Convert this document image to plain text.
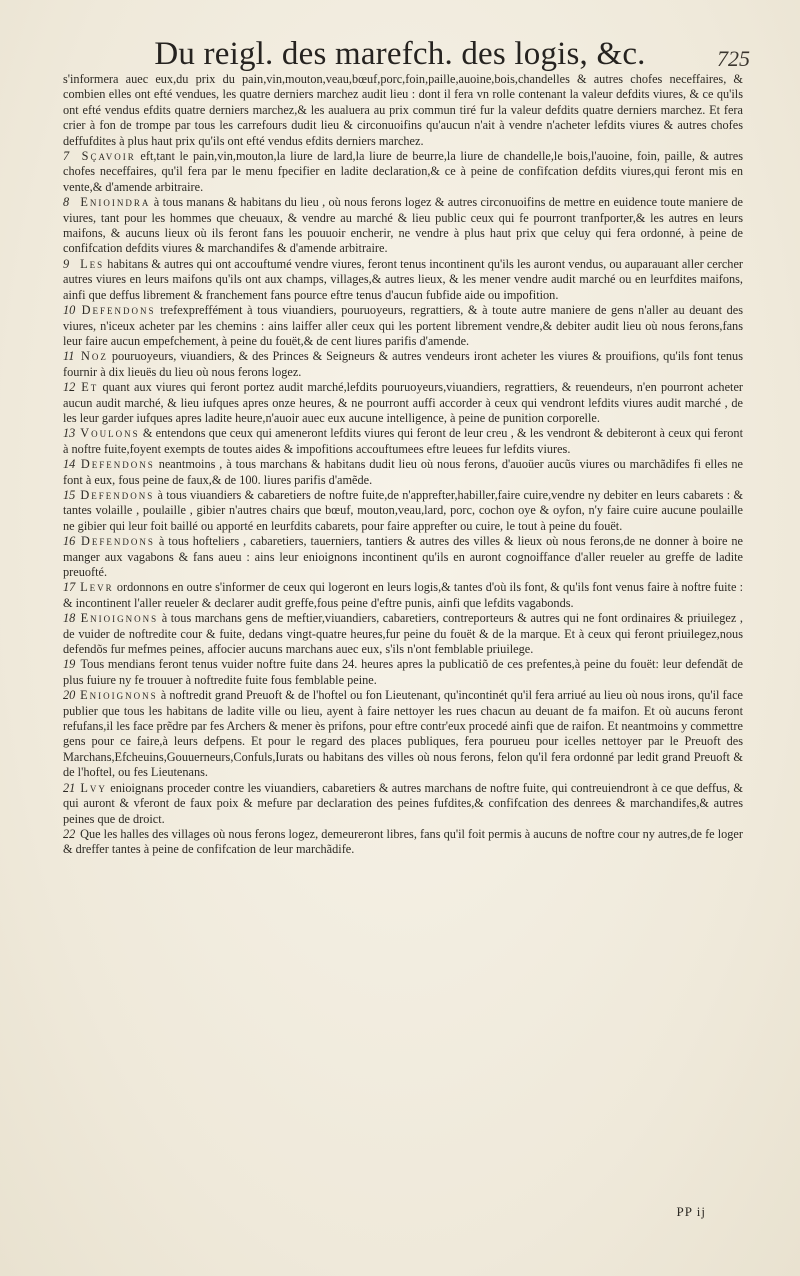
Du reigl. des marefch. des logis, &c.	725

s'informera auec eux,du prix du pain,vin,mouton,veau,bœuf,porc,foin,paille,auoine,bois,chandelles & autres chofes neceffaires, & combien elles ont efté vendues, les quatre derniers marchez audit lieu : dont il fera vn rolle contenant la valeur defdits viures, & ce qu'ils ont efté vendus efdits quatre derniers marchez,& les aualuera au prix commun tiré fur la valeur defdits quatre derniers marchez. Et fera crier à fon de trompe par tous les carrefours dudit lieu & circonuoifins qu'aucun n'ait à vendre n'acheter lefdits viures & autres chofes deffufdites à plus haut prix qu'ils ont efté vendus efdits derniers marchez.

7 Sçavoir eft,tant le pain,vin,mouton,la liure de lard,la liure de beurre,la liure de chandelle,le bois,l'auoine, foin, paille, & autres chofes neceffaires, qu'il fera par le menu fpecifier en ladite declaration,& ce à peine de confifcation defdits viures,qui feront mis en vente,& d'amende arbitraire.

8 Enioindra à tous manans & habitans du lieu , où nous ferons logez & autres circonuoifins de mettre en euidence toute maniere de viures, tant pour les hommes que cheuaux, & vendre au marché & lieu public ceux qui fe pourront tranfporter,& les autres en leurs maifons, & aucuns lieux où ils feront fans les pouuoir encherir, ne vendre à plus haut prix que celuy qui fera ordonné, à peine de confifcation defdits viures & marchandifes & d'amende arbitraire.

9 Les habitans & autres qui ont accouftumé vendre viures, feront tenus incontinent qu'ils les auront vendus, ou auparauant aller cercher autres viures en leurs maifons qu'ils ont aux champs, villages,& autres lieux, & les mener vendre audit marché ou en leurfdites maifons, ainfi que deffus librement & franchement fans pource eftre tenus d'aucun fubfide aide ou impofition.

10 Defendons trefexpreffément à tous viuandiers, pouruoyeurs, regrattiers, & à toute autre maniere de gens n'aller au deuant des viures, n'iceux acheter par les chemins : ains laiffer aller ceux qui les portent librement vendre,& debiter audit lieu où nous ferons,fans leur faire aucun empefchement, à peine du fouët,& de cent liures parifis d'amende.

11 Noz pouruoyeurs, viuandiers, & des Princes & Seigneurs & autres vendeurs iront acheter les viures & prouifions, qu'ils font tenus fournir à dix lieuës du lieu où nous ferons logez.

12 Et quant aux viures qui feront portez audit marché,lefdits pouruoyeurs,viuandiers, regrattiers, & reuendeurs, n'en pourront acheter aucun audit marché, & lieu iufques apres onze heures, & ne pourront auffi accorder à ceux qui vendront lefdits viures audit marché , de les leur garder iufques apres ladite heure,n'auoir auec eux aucune intelligence, à peine de punition corporelle.

13 Voulons & entendons que ceux qui ameneront lefdits viures qui feront de leur creu , & les vendront & debiteront à ceux qui feront à noftre fuite,foyent exempts de toutes aides & impofitions accouftumees eftre leuees fur lefdits viures.

14 Defendons neantmoins , à tous marchans & habitans dudit lieu où nous ferons, d'auoüer aucũs viures ou marchãdifes fi elles ne font à eux, fous peine de faux,& de 100. liures parifis d'amẽde.

15 Defendons à tous viuandiers & cabaretiers de noftre fuite,de n'apprefter,habiller,faire cuire,vendre ny debiter en leurs cabarets : & tantes volaille , poulaille , gibier n'autres chairs que bœuf, mouton,veau,lard, porc, cochon oye & oyfon, n'y faire cuire aucune poulaille ne gibier qui leur foit baillé ou apporté en leurfdits cabarets, pour faire apprefter ou cuire, le tout à peine du fouët.

16 Defendons à tous hofteliers , cabaretiers, tauerniers, tantiers & autres des villes & lieux où nous ferons,de ne donner à boire ne manger aux vagabons & fans aueu : ains leur enioignons incontinent qu'ils en auront cognoiffance d'aller reueler au greffe de ladite preuofté.

17 Levr ordonnons en outre s'informer de ceux qui logeront en leurs logis,& tantes d'où ils font, & qu'ils font venus faire à noftre fuite : & incontinent l'aller reueler & declarer audit greffe,fous peine d'eftre punis, ainfi que lefdits vagabonds.

18 Enioignons à tous marchans gens de meftier,viuandiers, cabaretiers, contreporteurs & autres qui ne font ordinaires & priuilegez , de vuider de noftredite cour & fuite, dedans vingt-quatre heures,fur peine du fouët & de la marque. Et à ceux qui feront priuilegez,nous defendõs fur mefmes peines, affocier aucuns marchans auec eux, s'ils n'ont femblable priuilege.

19 Tous mendians feront tenus vuider noftre fuite dans 24. heures apres la publicatiõ de ces prefentes,à peine du fouët: leur defendãt de plus fuiure ny fe trouuer à noftredite fuite fous femblable peine.

20 Enioignons à noftredit grand Preuoft & de l'hoftel ou fon Lieutenant, qu'incontinét qu'il fera arriué au lieu où nous irons, qu'il face publier que tous les habitans de ladite ville ou lieu, ayent à faire nettoyer les rues chacun au deuant de fa maifon. Et où aucuns feront refufans,il les face prẽdre par fes Archers & mener ès prifons, pour eftre contr'eux procedé ainfi que de raifon. Et neantmoins y commettre gens pour ce faire,à leurs defpens. Et pour le regard des places publiques, fera pourueu pour icelles nettoyer par le Preuoft des Marchans,Efcheuins,Gouuerneurs,Confuls,Iurats ou habitans des villes où nous ferons, felon qu'il fera ordonné par ledit grand Preuoft & de l'hoftel, ou fes Lieutenans.

21 Lvy enioignans proceder contre les viuandiers, cabaretiers & autres marchans de noftre fuite, qui contreuiendront à ce que deffus, & qui auront & vferont de faux poix & mefure par declaration des peines fufdites,& confifcation des denrees & marchandifes,& autres peines que de droict.

22 Que les halles des villages où nous ferons logez, demeureront libres, fans qu'il foit permis à aucuns de noftre cour ny autres,de fe loger & dreffer tantes à peine de confifcation de leur marchãdife.

PP ij
